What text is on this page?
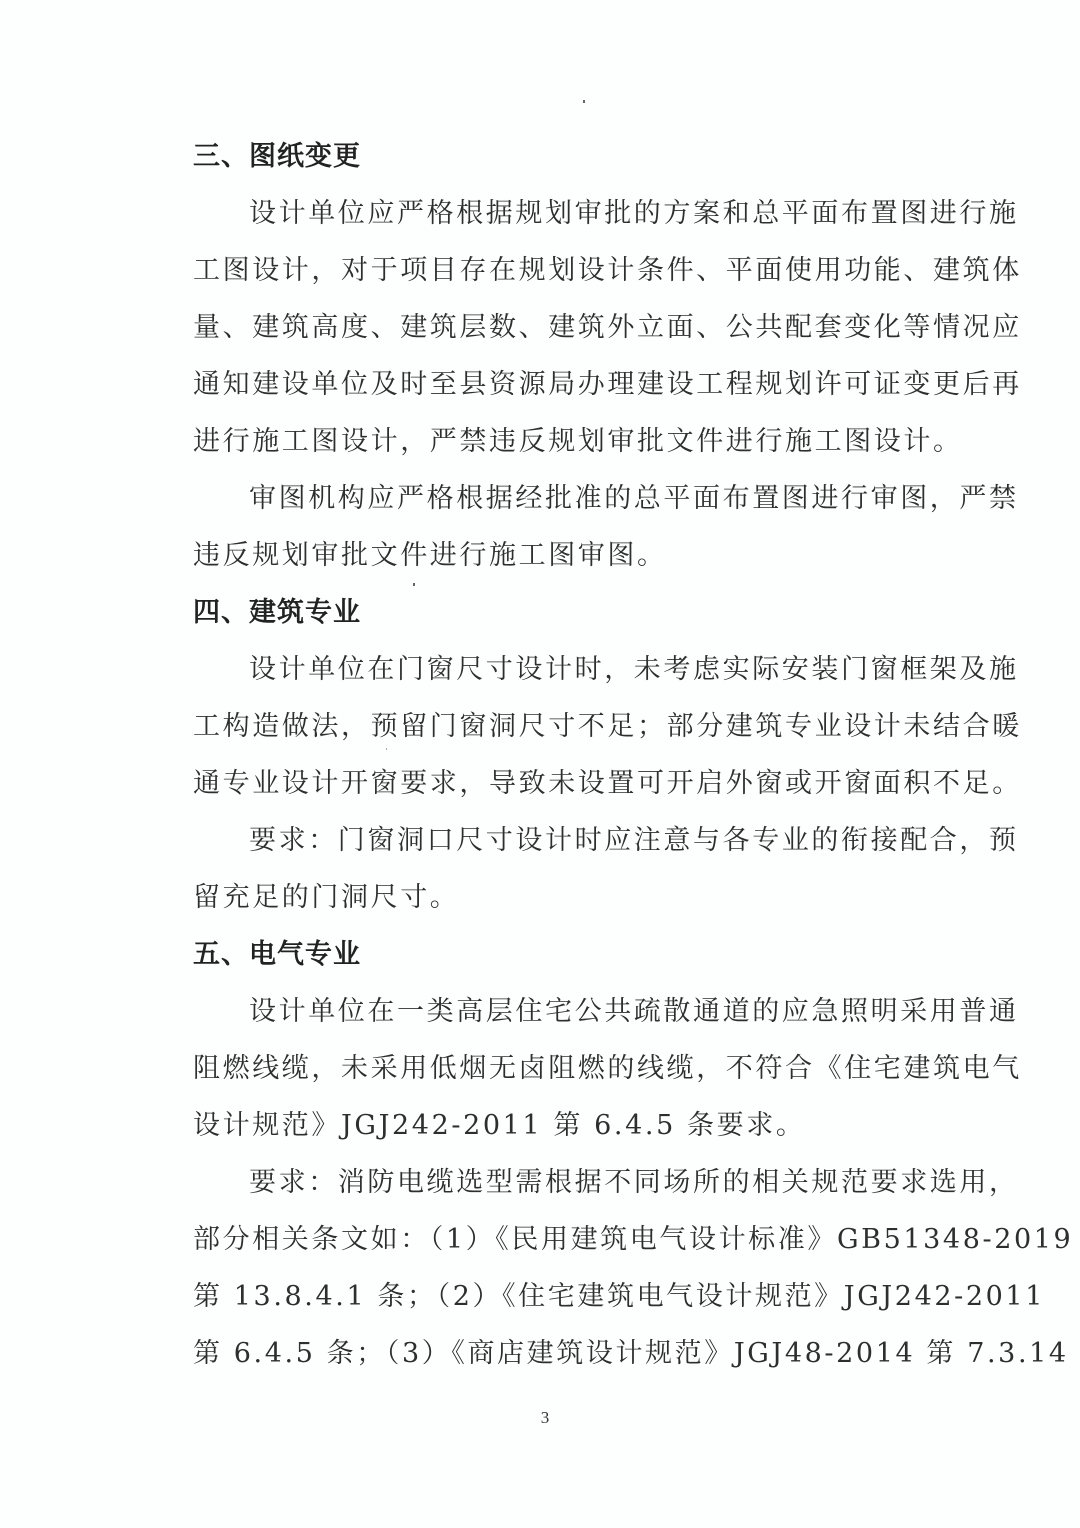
三、图纸变更
设计单位应严格根据规划审批的方案和总平面布置图进行施
工图设计，对于项目存在规划设计条件、平面使用功能、建筑体
量、建筑高度、建筑层数、建筑外立面、公共配套变化等情况应
通知建设单位及时至县资源局办理建设工程规划许可证变更后再
进行施工图设计，严禁违反规划审批文件进行施工图设计。
审图机构应严格根据经批准的总平面布置图进行审图，严禁
违反规划审批文件进行施工图审图。
四、建筑专业
设计单位在门窗尺寸设计时，未考虑实际安装门窗框架及施
工构造做法，预留门窗洞尺寸不足；部分建筑专业设计未结合暖
通专业设计开窗要求，导致未设置可开启外窗或开窗面积不足。
要求：门窗洞口尺寸设计时应注意与各专业的衔接配合，预
留充足的门洞尺寸。
五、电气专业
设计单位在一类高层住宅公共疏散通道的应急照明采用普通
阻燃线缆，未采用低烟无卤阻燃的线缆，不符合《住宅建筑电气
设计规范》JGJ242-2011 第 6.4.5 条要求。
要求：消防电缆选型需根据不同场所的相关规范要求选用，
部分相关条文如：（1）《民用建筑电气设计标准》GB51348-2019
第 13.8.4.1 条；（2）《住宅建筑电气设计规范》JGJ242-2011
第 6.4.5 条；（3）《商店建筑设计规范》JGJ48-2014 第 7.3.14
3
